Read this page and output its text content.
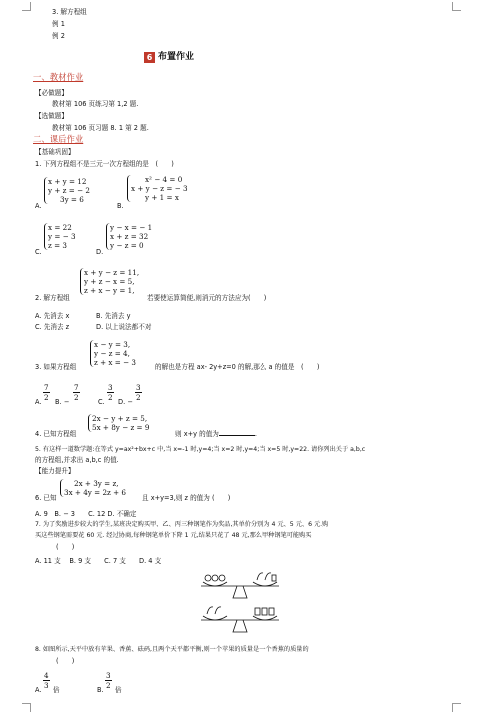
3. 解方程组
例 1
例 2
6 布置作业
一、教材作业
【必做题】
教材第 106 页练习第 1,2 题.
【选做题】
教材第 106 页习题 8. 1 第 2 题.
二、课后作业
【基础巩固】
1. 下列方程组不是三元一次方程组的是　(　　)
A.
x + y = 12
y + z = − 2
3y = 6
B.
x² − 4 = 0
x + y − z = − 3
y + 1 = x
C.
x = 22
y = − 3
z = 3
D.
y − x = − 1
x + z = 32
y − z = 0
2. 解方程组
x + y − z = 11,
y + z − x = 5,
z + x − y = 1,
若要使运算简便,则消元的方法应为(　　)
A. 先消去 x	B. 先消去 y
C. 先消去 z	D. 以上说法都不对
3. 如果方程组
x − y = 3,
y − z = 4,
z + x = − 3	的解也是方程 ax- 2y+z=0 的解,那么 a 的值是　(　　)
A. $\frac{7}{2} B$. − $\frac{7}{2}$	C. $\frac{3}{2} D$. − $\frac{3}{2}$
4. 已知方程组
2x − y + z = 5,
5x + 8y − z = 9
则 x+y 的值为	.
5. 有这样一道数学题:在等式 y=ax²+bx+c 中,当 x=-1 时,y=4;当 x=2 时,y=4;当 x=5 时,y=22. 请你列出关于 a,b,c
的方程组,并求出 a,b,c 的值.
【能力提升】
6. 已知
2x + 3y = z,
3x + 4y = 2z + 6
且 x+y=3,则 z 的值为 (　　)
A. 9　B. − 3　　C. 12 D. 不确定
7. 为了奖励进步较大的学生,某班决定购买甲、乙、丙三种钢笔作为奖品,其单价分别为 4 元、5 元、6 元.购
买这些钢笔需要花 60 元. 经过协商,每种钢笔单价下降 1 元,结果只花了 48 元,那么甲种钢笔可能购买
(　　)
A. 11 支　 B. 9 支　　C. 7 支　　D. 4 支
8. 如图所示,天平中放有苹果、香蕉、砝码,且两个天平都平衡,则一个苹果的质量是一个香蕉的质量的
(　　)
A. $\frac{4}{3}$ 倍	B. $\frac{3}{2}$ 倍
